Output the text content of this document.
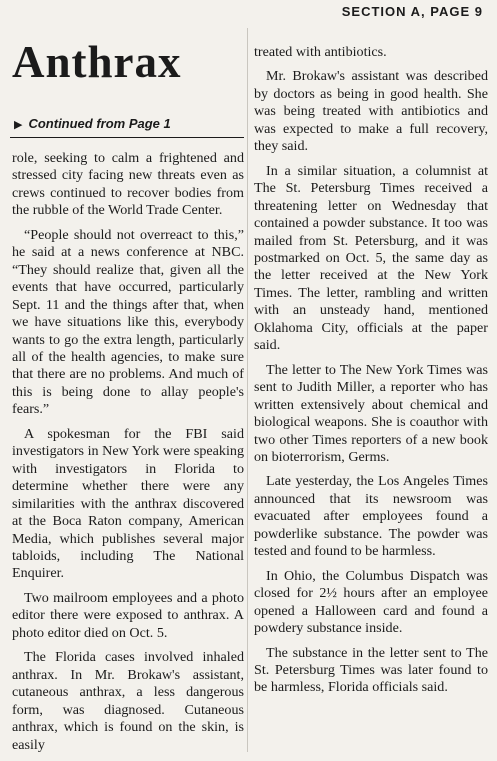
SECTION A, PAGE 9
Anthrax
▶ Continued from Page 1

role, seeking to calm a frightened and stressed city facing new threats even as crews continued to recover bodies from the rubble of the World Trade Center.

“People should not overreact to this,” he said at a news conference at NBC. “They should realize that, given all the events that have occurred, particularly Sept. 11 and the things after that, when we have situations like this, everybody wants to go the extra length, particularly all of the health agencies, to make sure that there are no problems. And much of this is being done to allay people's fears.”

A spokesman for the FBI said investigators in New York were speaking with investigators in Florida to determine whether there were any similarities with the anthrax discovered at the Boca Raton company, American Media, which publishes several major tabloids, including The National Enquirer.

Two mailroom employees and a photo editor there were exposed to anthrax. A photo editor died on Oct. 5.

The Florida cases involved inhaled anthrax. In Mr. Brokaw's assistant, cutaneous anthrax, a less dangerous form, was diagnosed. Cutaneous anthrax, which is found on the skin, is easily

treated with antibiotics.

Mr. Brokaw's assistant was described by doctors as being in good health. She was being treated with antibiotics and was expected to make a full recovery, they said.

In a similar situation, a columnist at The St. Petersburg Times received a threatening letter on Wednesday that contained a powder substance. It too was mailed from St. Petersburg, and it was postmarked on Oct. 5, the same day as the letter received at the New York Times. The letter, rambling and written with an unsteady hand, mentioned Oklahoma City, officials at the paper said.

The letter to The New York Times was sent to Judith Miller, a reporter who has written extensively about chemical and biological weapons. She is coauthor with two other Times reporters of a new book on bioterrorism, Germs.

Late yesterday, the Los Angeles Times announced that its newsroom was evacuated after employees found a powderlike substance. The powder was tested and found to be harmless.

In Ohio, the Columbus Dispatch was closed for 2½ hours after an employee opened a Halloween card and found a powdery substance inside.

The substance in the letter sent to The St. Petersburg Times was later found to be harmless, Florida officials said.
